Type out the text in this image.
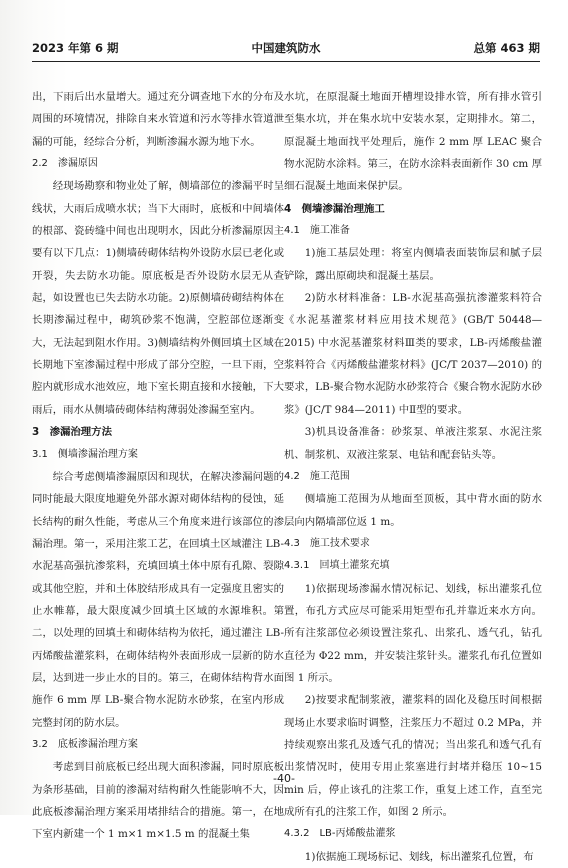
2023 年第 6 期	中国建筑防水	总第 463 期
出，下雨后出水量增大。通过充分调查地下水的分布及周围的环境情况，排除自来水管道和污水等排水管道泄漏的可能，经综合分析，判断渗漏水源为地下水。
2.2　渗漏原因
经现场勘察和物业处了解，侧墙部位的渗漏平时呈线状，大雨后成喷水状；当下大雨时，底板和中间墙体的根部、瓷砖缝中间也出现明水，因此分析渗漏原因主要有以下几点：1)侧墙砖砌体结构外设防水层已老化或开裂，失去防水功能。原底板是否外设防水层无从查起，如设置也已失去防水功能。2)原侧墙砖砌结构体在长期渗漏过程中，砌筑砂浆不饱满，空腔部位逐渐变大，无法起到阻水作用。3)侧墙结构外侧回填土区域在长期地下室渗漏过程中形成了部分空腔，一旦下雨，空腔内就形成水池效应，地下室长期直接和水接触，下大雨后，雨水从侧墙砖砌体结构薄弱处渗漏至室内。
3　渗漏治理方法
3.1　侧墙渗漏治理方案
综合考虑侧墙渗漏原因和现状，在解决渗漏问题的同时能最大限度地避免外部水源对砌体结构的侵蚀，延长结构的耐久性能，考虑从三个角度来进行该部位的渗漏治理。第一，采用注浆工艺，在回填土区域灌注 LB-水泥基高强抗渗浆料，充填回填土体中原有孔隙、裂隙或其他空腔，并和土体胶结形成具有一定强度且密实的止水帷幕，最大限度减少回填土区域的水源堆积。第二，以处理的回填土和砌体结构为依托，通过灌注 LB-丙烯酸盐灌浆料，在砌体结构外表面形成一层新的防水层，达到进一步止水的目的。第三，在砌体结构背水面施作 6 mm 厚 LB-聚合物水泥防水砂浆，在室内形成完整封闭的防水层。
3.2　底板渗漏治理方案
考虑到目前底板已经出现大面积渗漏，同时原底板为条形基础，目前的渗漏对结构耐久性能影响不大，因此底板渗漏治理方案采用堵排结合的措施。第一，在地下室内新建一个 1 m×1 m×1.5 m 的混凝土集
水坑，在原混凝土地面开槽埋设排水管，所有排水管引至集水坑，并在集水坑中安装水泵，定期排水。第二，原混凝土地面找平处理后，施作 2 mm 厚 LEAC 聚合物水泥防水涂料。第三，在防水涂料表面新作 30 cm 厚细石混凝土地面来保护层。
4　侧墙渗漏治理施工
4.1　施工准备
1)施工基层处理：将室内侧墙表面装饰层和腻子层铲除，露出原砌块和混凝土基层。
2)防水材料准备：LB-水泥基高强抗渗灌浆料符合《水泥基灌浆材料应用技术规范》(GB/T 50448—2015) 中水泥基灌浆材料Ⅲ类的要求，LB-丙烯酸盐灌浆料符合《丙烯酸盐灌浆材料》(JC/T 2037—2010) 的要求，LB-聚合物水泥防水砂浆符合《聚合物水泥防水砂浆》(JC/T 984—2011) 中Ⅱ型的要求。
3)机具设备准备：砂浆泵、单液注浆泵、水泥注浆机、制浆机、双液注浆泵、电钻和配套钻头等。
4.2　施工范围
侧墙施工范围为从地面至顶板，其中背水面的防水层向内隔墙部位返 1 m。
4.3　施工技术要求
4.3.1　回填土灌浆充填
1)依据现场渗漏水情况标记、划线，标出灌浆孔位置，布孔方式应尽可能采用矩型布孔并靠近来水方向。所有注浆部位必须设置注浆孔、出浆孔、透气孔，钻孔直径为 Φ22 mm，并安装注浆针头。灌浆孔布孔位置如图 1 所示。
2)按要求配制浆液，灌浆料的固化及稳压时间根据现场止水要求临时调整，注浆压力不超过 0.2 MPa，并持续观察出浆孔及透气孔的情况；当出浆孔和透气孔有出浆情况时，使用专用止浆塞进行封堵并稳压 10~15 min 后，停止该孔的注浆工作，重复上述工作，直至完成所有孔的注浆工作，如图 2 所示。
4.3.2　LB-丙烯酸盐灌浆
1)依据施工现场标记、划线，标出灌浆孔位置，布
-40-
